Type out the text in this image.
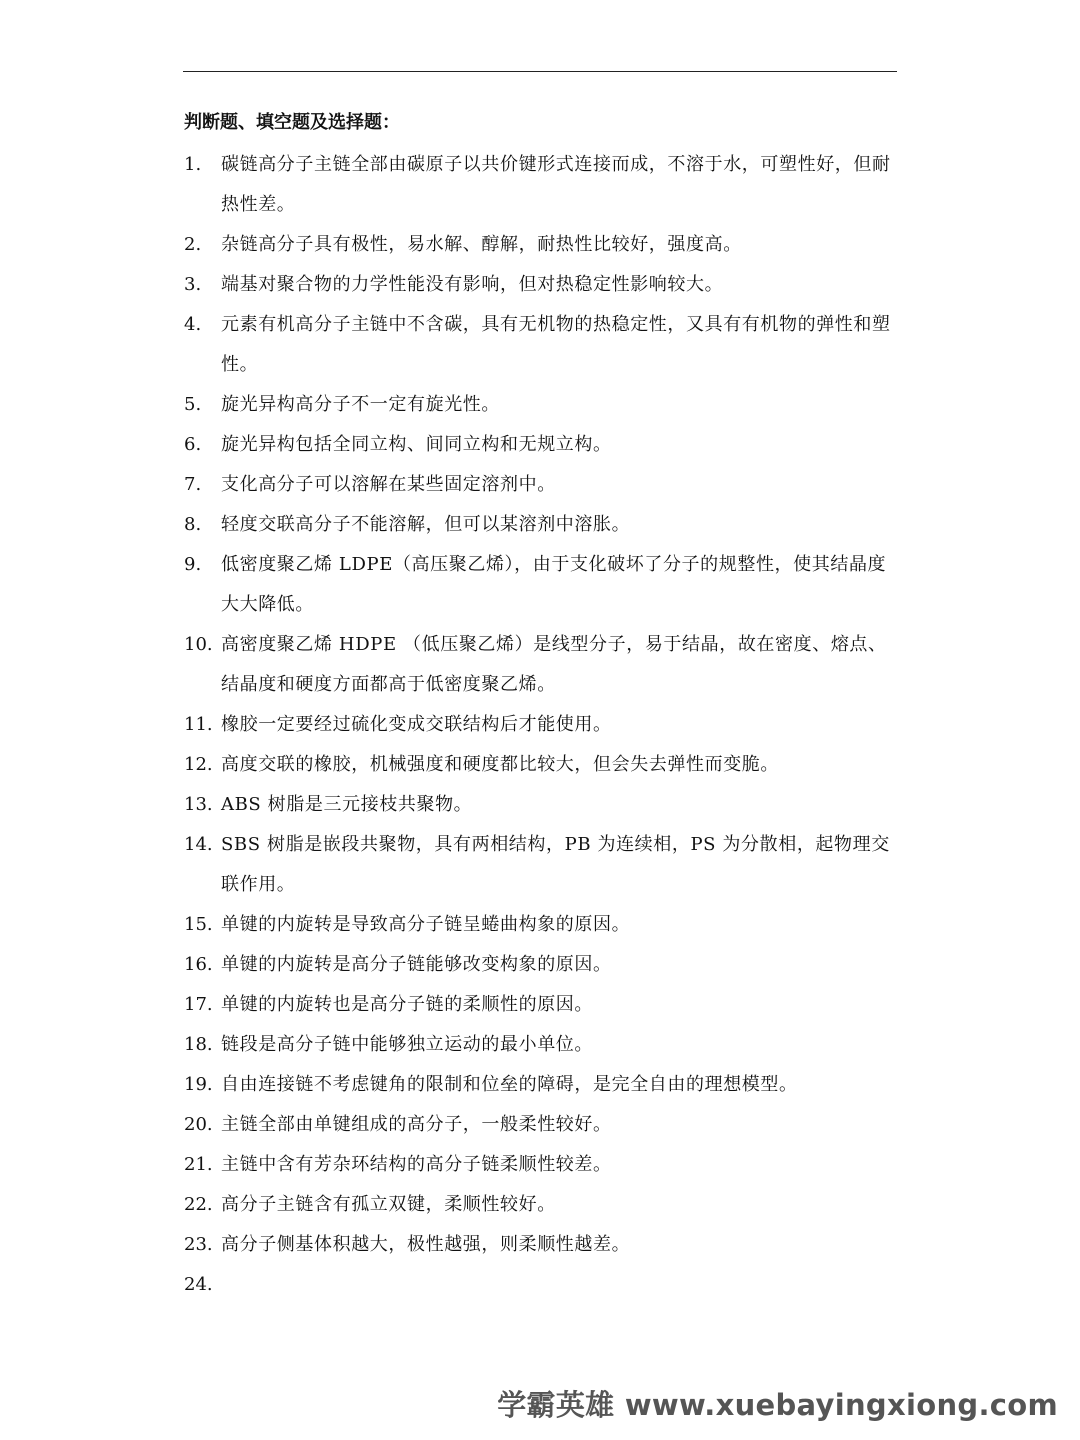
判断题、填空题及选择题：
1.	碳链高分子主链全部由碳原子以共价键形式连接而成，不溶于水，可塑性好，但耐热性差。
2.	杂链高分子具有极性，易水解、醇解，耐热性比较好，强度高。
3.	端基对聚合物的力学性能没有影响，但对热稳定性影响较大。
4.	元素有机高分子主链中不含碳，具有无机物的热稳定性，又具有有机物的弹性和塑性。
5.	旋光异构高分子不一定有旋光性。
6.	旋光异构包括全同立构、间同立构和无规立构。
7.	支化高分子可以溶解在某些固定溶剂中。
8.	轻度交联高分子不能溶解，但可以某溶剂中溶胀。
9.	低密度聚乙烯 LDPE（高压聚乙烯），由于支化破坏了分子的规整性，使其结晶度大大降低。
10. 高密度聚乙烯 HDPE （低压聚乙烯）是线型分子，易于结晶，故在密度、熔点、结晶度和硬度方面都高于低密度聚乙烯。
11. 橡胶一定要经过硫化变成交联结构后才能使用。
12. 高度交联的橡胶，机械强度和硬度都比较大，但会失去弹性而变脆。
13. ABS 树脂是三元接枝共聚物。
14. SBS 树脂是嵌段共聚物，具有两相结构，PB 为连续相，PS 为分散相，起物理交联作用。
15. 单键的内旋转是导致高分子链呈蜷曲构象的原因。
16. 单键的内旋转是高分子链能够改变构象的原因。
17. 单键的内旋转也是高分子链的柔顺性的原因。
18. 链段是高分子链中能够独立运动的最小单位。
19. 自由连接链不考虑键角的限制和位垒的障碍，是完全自由的理想模型。
20. 主链全部由单键组成的高分子，一般柔性较好。
21. 主链中含有芳杂环结构的高分子链柔顺性较差。
22. 高分子主链含有孤立双键，柔顺性较好。
23. 高分子侧基体积越大，极性越强，则柔顺性越差。
24.
学霸英雄 www.xuebayingxiong.com
